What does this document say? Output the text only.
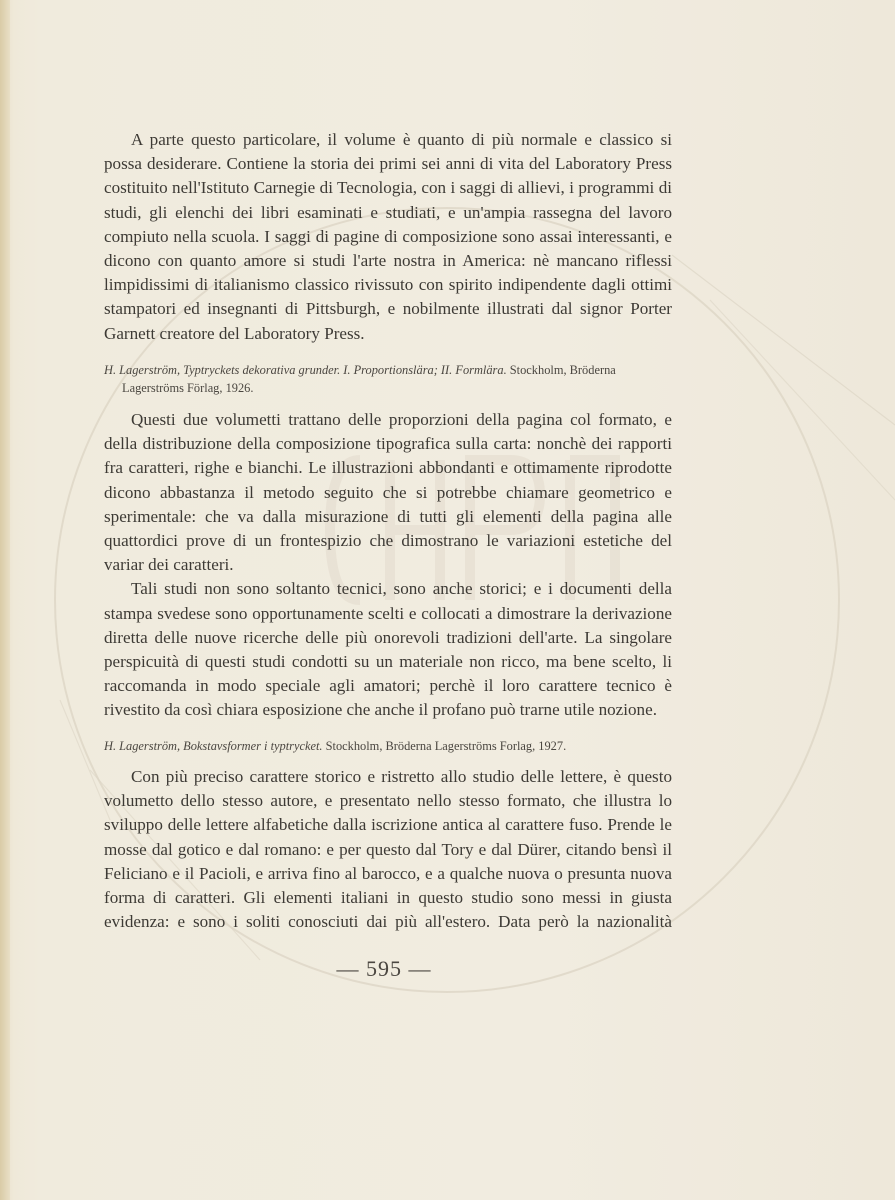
A parte questo particolare, il volume è quanto di più normale e classico si possa desiderare. Contiene la storia dei primi sei anni di vita del Laboratory Press costituito nell'Istituto Carnegie di Tecnologia, con i saggi di allievi, i programmi di studi, gli elenchi dei libri esaminati e studiati, e un'ampia rassegna del lavoro compiuto nella scuola. I saggi di pagine di composizione sono assai interessanti, e dicono con quanto amore si studi l'arte nostra in America: nè mancano riflessi limpidissimi di italianismo classico rivissuto con spirito indipendente dagli ottimi stampatori ed insegnanti di Pittsburgh, e nobilmente illustrati dal signor Porter Garnett creatore del Laboratory Press.

H. Lagerström, Typtryckets dekorativa grunder. I. Proportionslära; II. Formlära. Stockholm, Bröderna Lagerströms Förlag, 1926.

Questi due volumetti trattano delle proporzioni della pagina col formato, e della distribuzione della composizione tipografica sulla carta: nonchè dei rapporti fra caratteri, righe e bianchi. Le illustrazioni abbondanti e ottimamente riprodotte dicono abbastanza il metodo seguito che si potrebbe chiamare geometrico e sperimentale: che va dalla misurazione di tutti gli elementi della pagina alle quattordici prove di un frontespizio che dimostrano le variazioni estetiche del variar dei caratteri.

Tali studi non sono soltanto tecnici, sono anche storici; e i documenti della stampa svedese sono opportunamente scelti e collocati a dimostrare la derivazione diretta delle nuove ricerche delle più onorevoli tradizioni dell'arte. La singolare perspicuità di questi studi condotti su un materiale non ricco, ma bene scelto, li raccomanda in modo speciale agli amatori; perchè il loro carattere tecnico è rivestito da così chiara esposizione che anche il profano può trarne utile nozione.

H. Lagerström, Bokstavsformer i typtrycket. Stockholm, Bröderna Lagerströms Forlag, 1927.

Con più preciso carattere storico e ristretto allo studio delle lettere, è questo volumetto dello stesso autore, e presentato nello stesso formato, che illustra lo sviluppo delle lettere alfabetiche dalla iscrizione antica al carattere fuso. Prende le mosse dal gotico e dal romano: e per questo dal Tory e dal Dürer, citando bensì il Feliciano e il Pacioli, e arriva fino al barocco, e a qualche nuova o presunta nuova forma di caratteri. Gli elementi italiani in questo studio sono messi in giusta evidenza: e sono i soliti conosciuti dai più all'estero. Data però la nazionalità

— 595 —
